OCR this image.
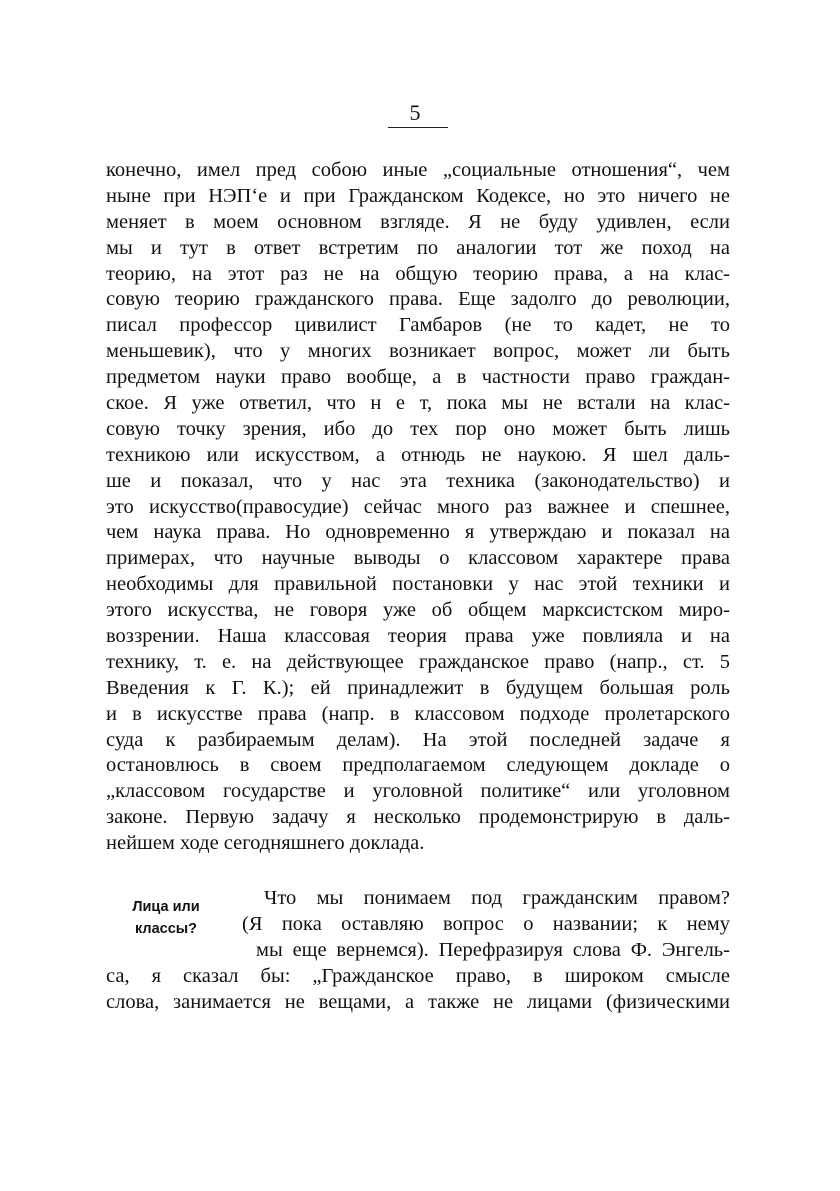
5
конечно, имел пред собою иные „социальные отношения“, чем
ныне при НЭП‘е и при Гражданском Кодексе, но это ничего не
меняет в моем основном взгляде. Я не буду удивлен, если
мы и тут в ответ встретим по аналогии тот же поход на
теорию, на этот раз не на общую теорию права, а на клас-
совую теорию гражданского права. Еще задолго до революции,
писал профессор цивилист Гамбаров (не то кадет, не то
меньшевик), что у многих возникает вопрос, может ли быть
предметом науки право вообще, а в частности право граждан-
ское. Я уже ответил, что н е т, пока мы не встали на клас-
совую точку зрения, ибо до тех пор оно может быть лишь
техникою или искусством, а отнюдь не наукою. Я шел даль-
ше и показал, что у нас эта техника (законодательство) и
это искусство(правосудие) сейчас много раз важнее и спешнее,
чем наука права. Но одновременно я утверждаю и показал на
примерах, что научные выводы о классовом характере права
необходимы для правильной постановки у нас этой техники и
этого искусства, не говоря уже об общем марксистском миро-
воззрении. Наша классовая теория права уже повлияла и на
технику, т. е. на действующее гражданское право (напр., ст. 5
Введения к Г. К.); ей принадлежит в будущем большая роль
и в искусстве права (напр. в классовом подходе пролетарского
суда к разбираемым делам). На этой последней задаче я
остановлюсь в своем предполагаемом следующем докладе о
„классовом государстве и уголовной политике“ или уголовном
законе. Первую задачу я несколько продемонстрирую в даль-
нейшем ходе сегодняшнего доклада.
Лица или
классы?
Что мы понимаем под гражданским правом?
(Я пока оставляю вопрос о названии; к нему
мы еще вернемся). Перефразируя слова Ф. Энгель-
са, я сказал бы: „Гражданское право, в широком смысле
слова, занимается не вещами, а также не лицами (физическими
